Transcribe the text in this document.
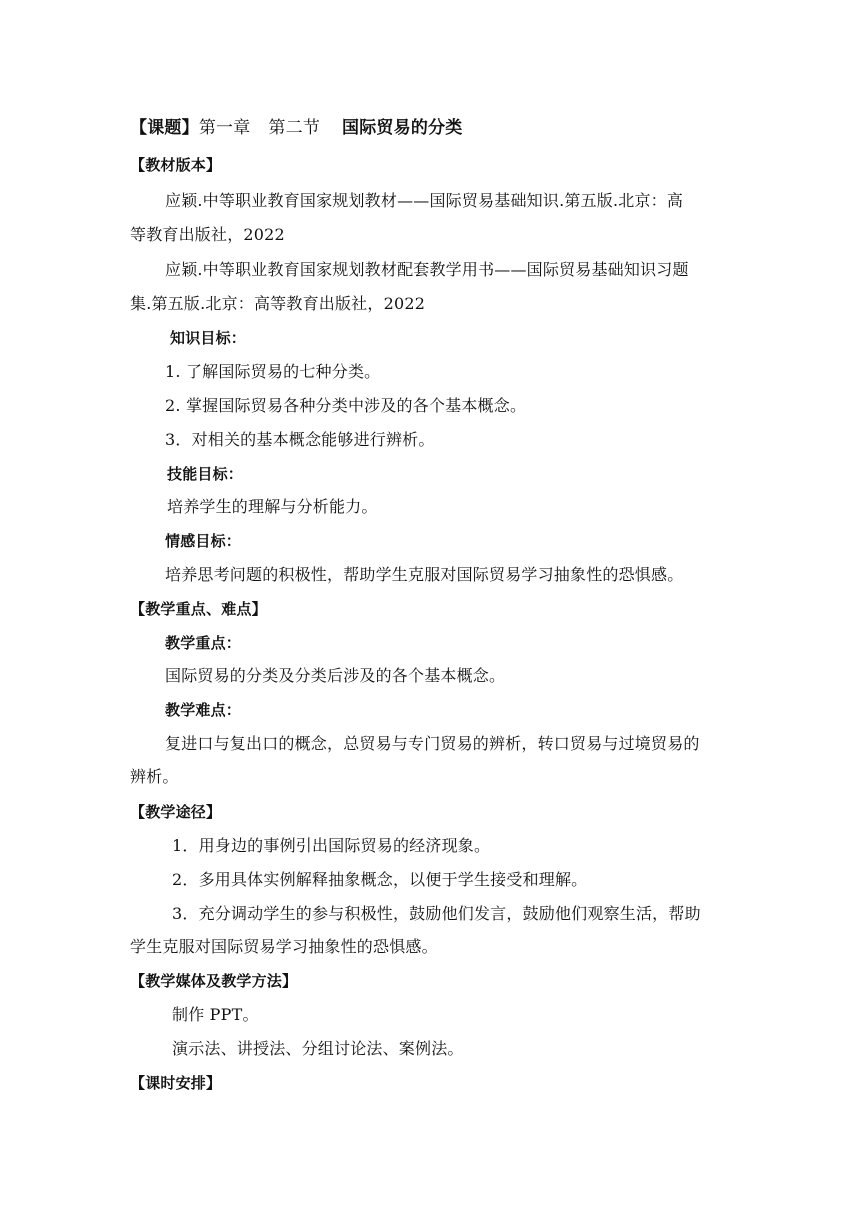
【课题】第一章 第二节 国际贸易的分类
【教材版本】
应颖.中等职业教育国家规划教材——国际贸易基础知识.第五版.北京：高
等教育出版社，2022
应颖.中等职业教育国家规划教材配套教学用书——国际贸易基础知识习题
集.第五版.北京：高等教育出版社，2022
知识目标：
1. 了解国际贸易的七种分类。
2. 掌握国际贸易各种分类中涉及的各个基本概念。
3．对相关的基本概念能够进行辨析。
技能目标：
培养学生的理解与分析能力。
情感目标：
培养思考问题的积极性，帮助学生克服对国际贸易学习抽象性的恐惧感。
【教学重点、难点】
教学重点：
国际贸易的分类及分类后涉及的各个基本概念。
教学难点：
复进口与复出口的概念，总贸易与专门贸易的辨析，转口贸易与过境贸易的
辨析。
【教学途径】
1．用身边的事例引出国际贸易的经济现象。
2．多用具体实例解释抽象概念，以便于学生接受和理解。
3．充分调动学生的参与积极性，鼓励他们发言，鼓励他们观察生活，帮助
学生克服对国际贸易学习抽象性的恐惧感。
【教学媒体及教学方法】
制作 PPT。
演示法、讲授法、分组讨论法、案例法。
【课时安排】
